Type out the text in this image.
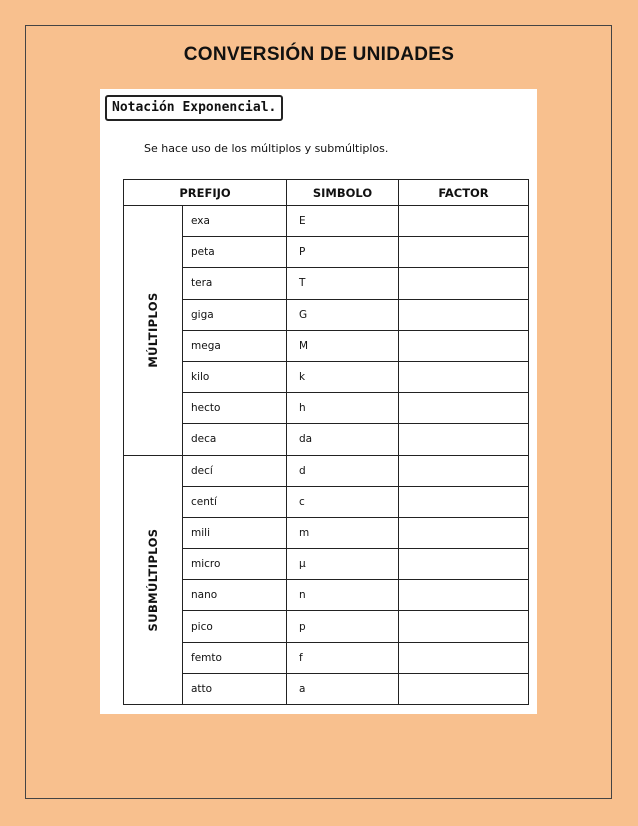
CONVERSIÓN DE UNIDADES
Notación Exponencial.
Se hace uso de los múltiplos y submúltiplos.
PREFIJO		SIMBOLO	FACTOR

MÚLTIPLOS	exa	E	
	peta	P	
	tera	T	
	giga	G	
	mega	M	
	kilo	k	
	hecto	h	
	deca	da	

SUBMÚLTIPLOS	decí	d	
	centí	c	
	mili	m	
	micro	μ	
	nano	n	
	pico	p	
	femto	f	
	atto	a	
